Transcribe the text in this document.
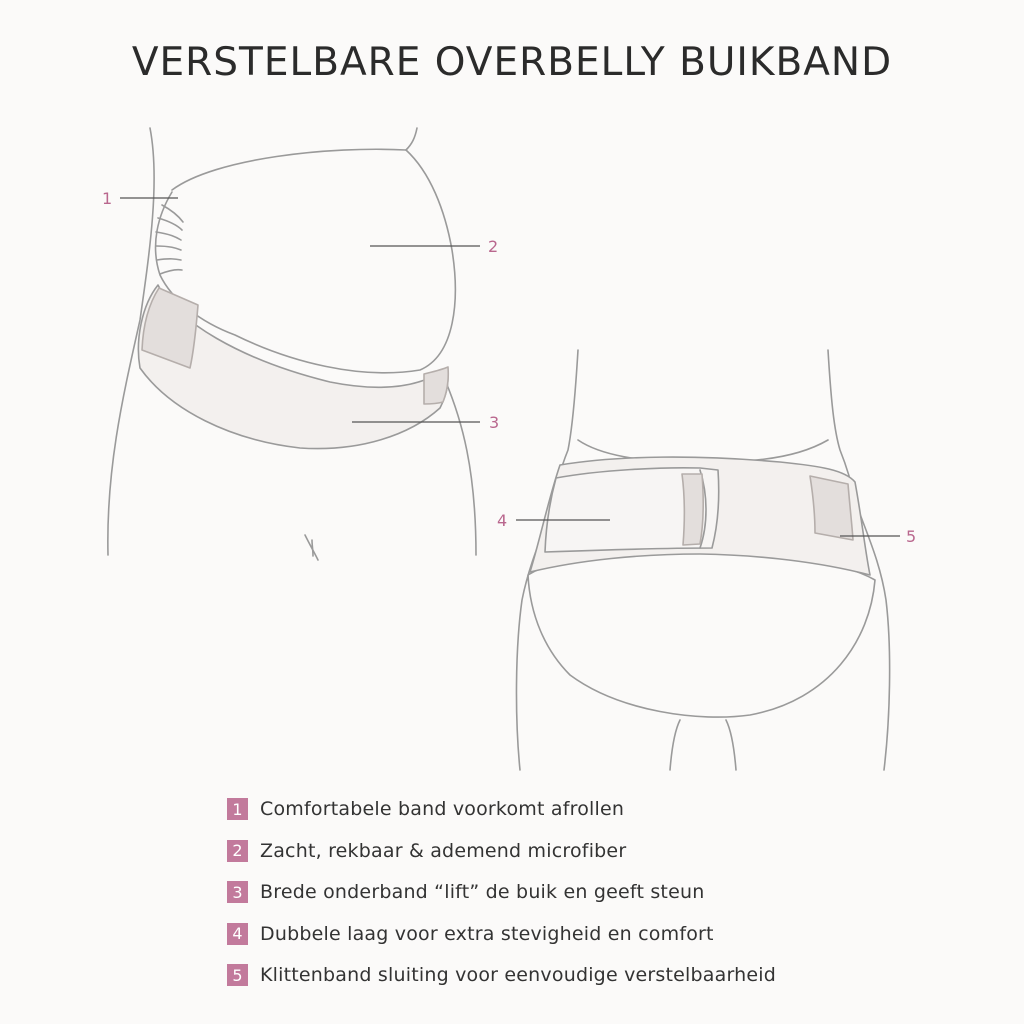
VERSTELBARE OVERBELLY BUIKBAND
1
2
3
4
5
1 Comfortabele band voorkomt afrollen
2 Zacht, rekbaar & ademend microfiber
3 Brede onderband “lift” de buik en geeft steun
4 Dubbele laag voor extra stevigheid en comfort
5 Klittenband sluiting voor eenvoudige verstelbaarheid
